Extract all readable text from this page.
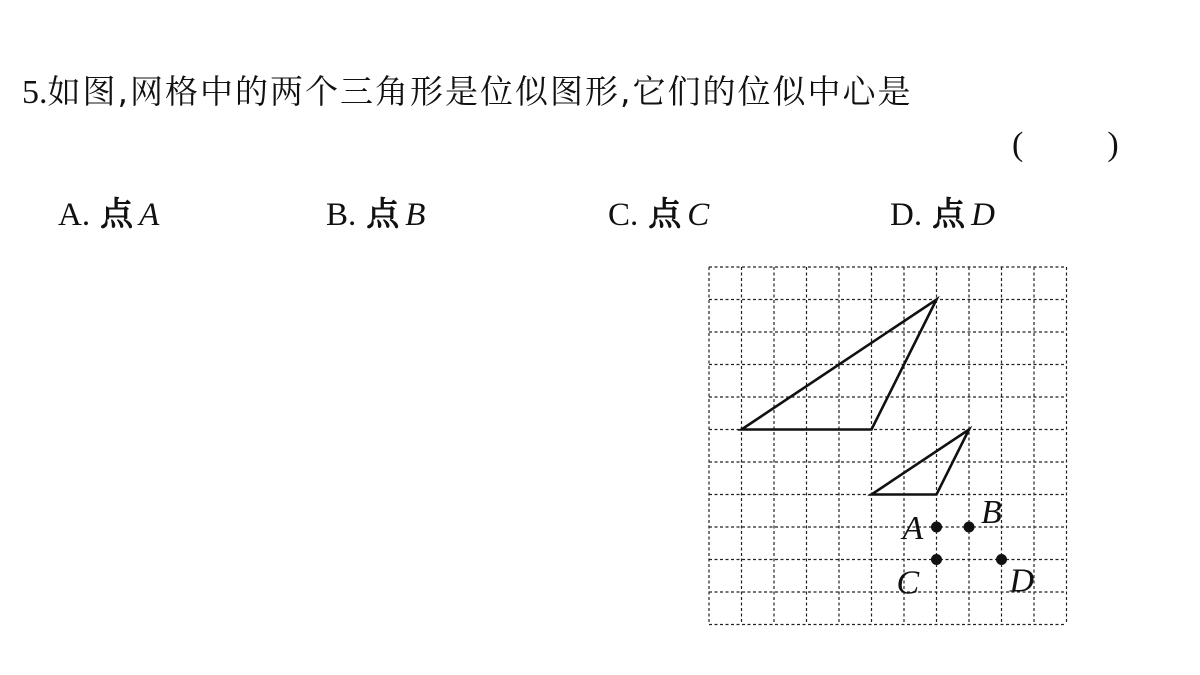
5.如图,网格中的两个三角形是位似图形,它们的位似中心是
( )
A. 点 A	B. 点 B	C. 点 C	D. 点 D
A B
C	D
